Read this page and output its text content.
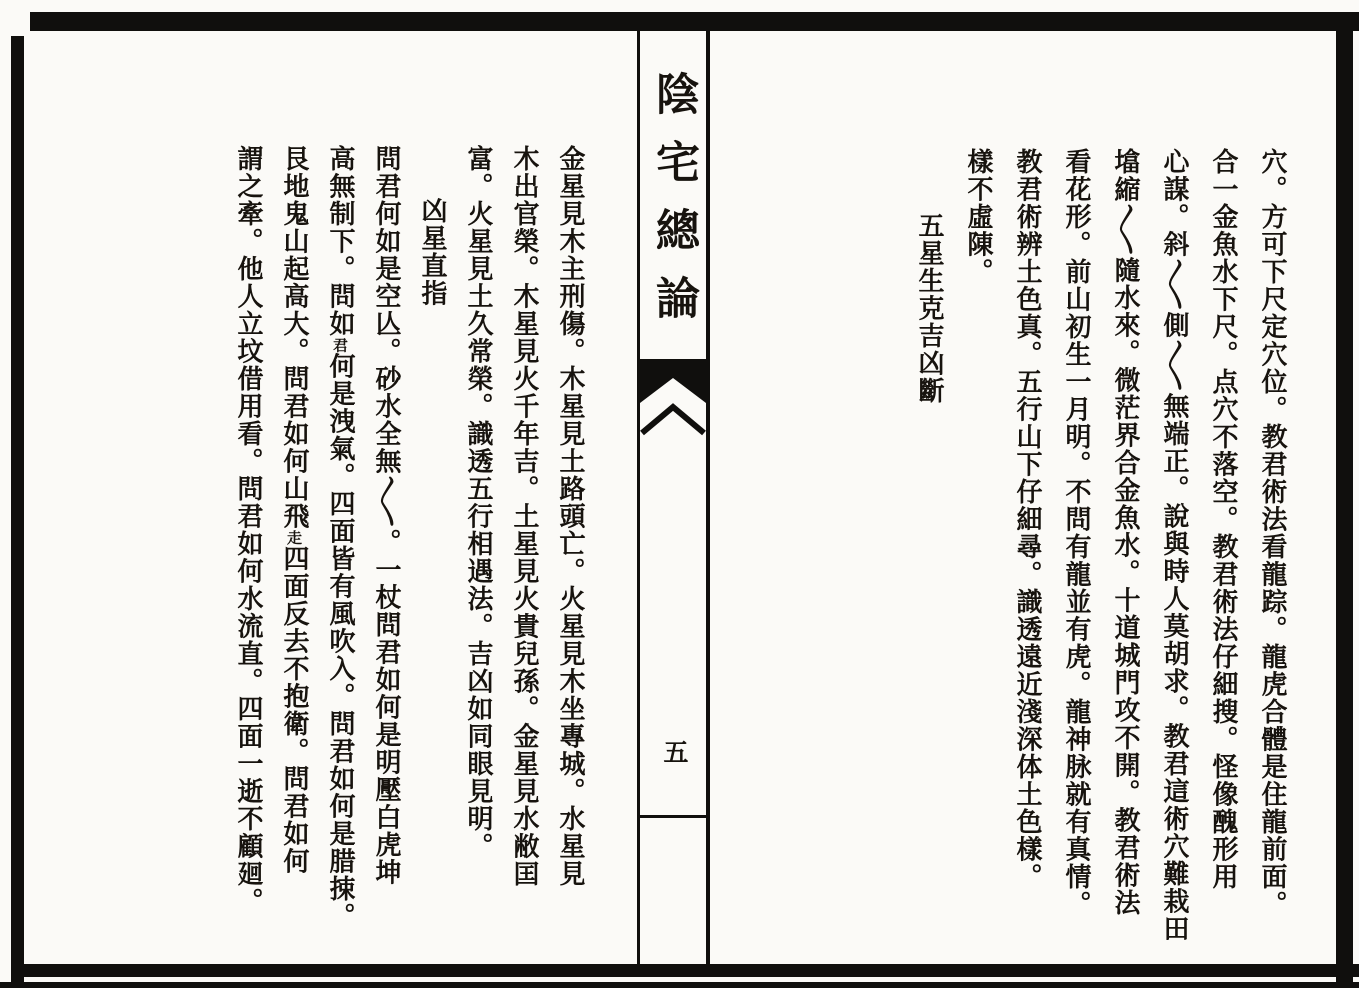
陰宅總論
五	穴。方可下尺定穴位。教君術法看龍踪。龍虎合體是住龍前面。
合一金魚水下尺。点穴不落空。教君術法仔細搜。怪像醜形用
心謀。斜〱側〱無端正。說與時人莫胡求。教君這術穴難栽田
墖縮〱隨水來。微茫界合金魚水。十道城門攻不開。教君術法
看花形。前山初生一月明。不問有龍並有虎。龍神脉就有真情。
教君術辨土色真。五行山下仔細尋。識透遠近淺深体土色樣。
樣不虛陳。
五星生克吉凶斷
金星見木主刑傷。木星見土路頭亡。火星見木坐專城。水星見
木出官榮。木星見火千年吉。土星見火貴兒孫。金星見水敝囯
富。火星見土久常榮。識透五行相遇法。吉凶如同眼見明。
凶星直指
問君何如是空亾。砂水全無〱。一杖問君如何是明壓白虎坤
高無制下。問如君何是洩氣。四面皆有風吹入。問君如何是腊捒。
艮地鬼山起高大。問君如何山飛走四面反去不抱衛。問君如何
謂之牽。他人立坟借用看。問君如何水流直。四面一逝不顧廻。
